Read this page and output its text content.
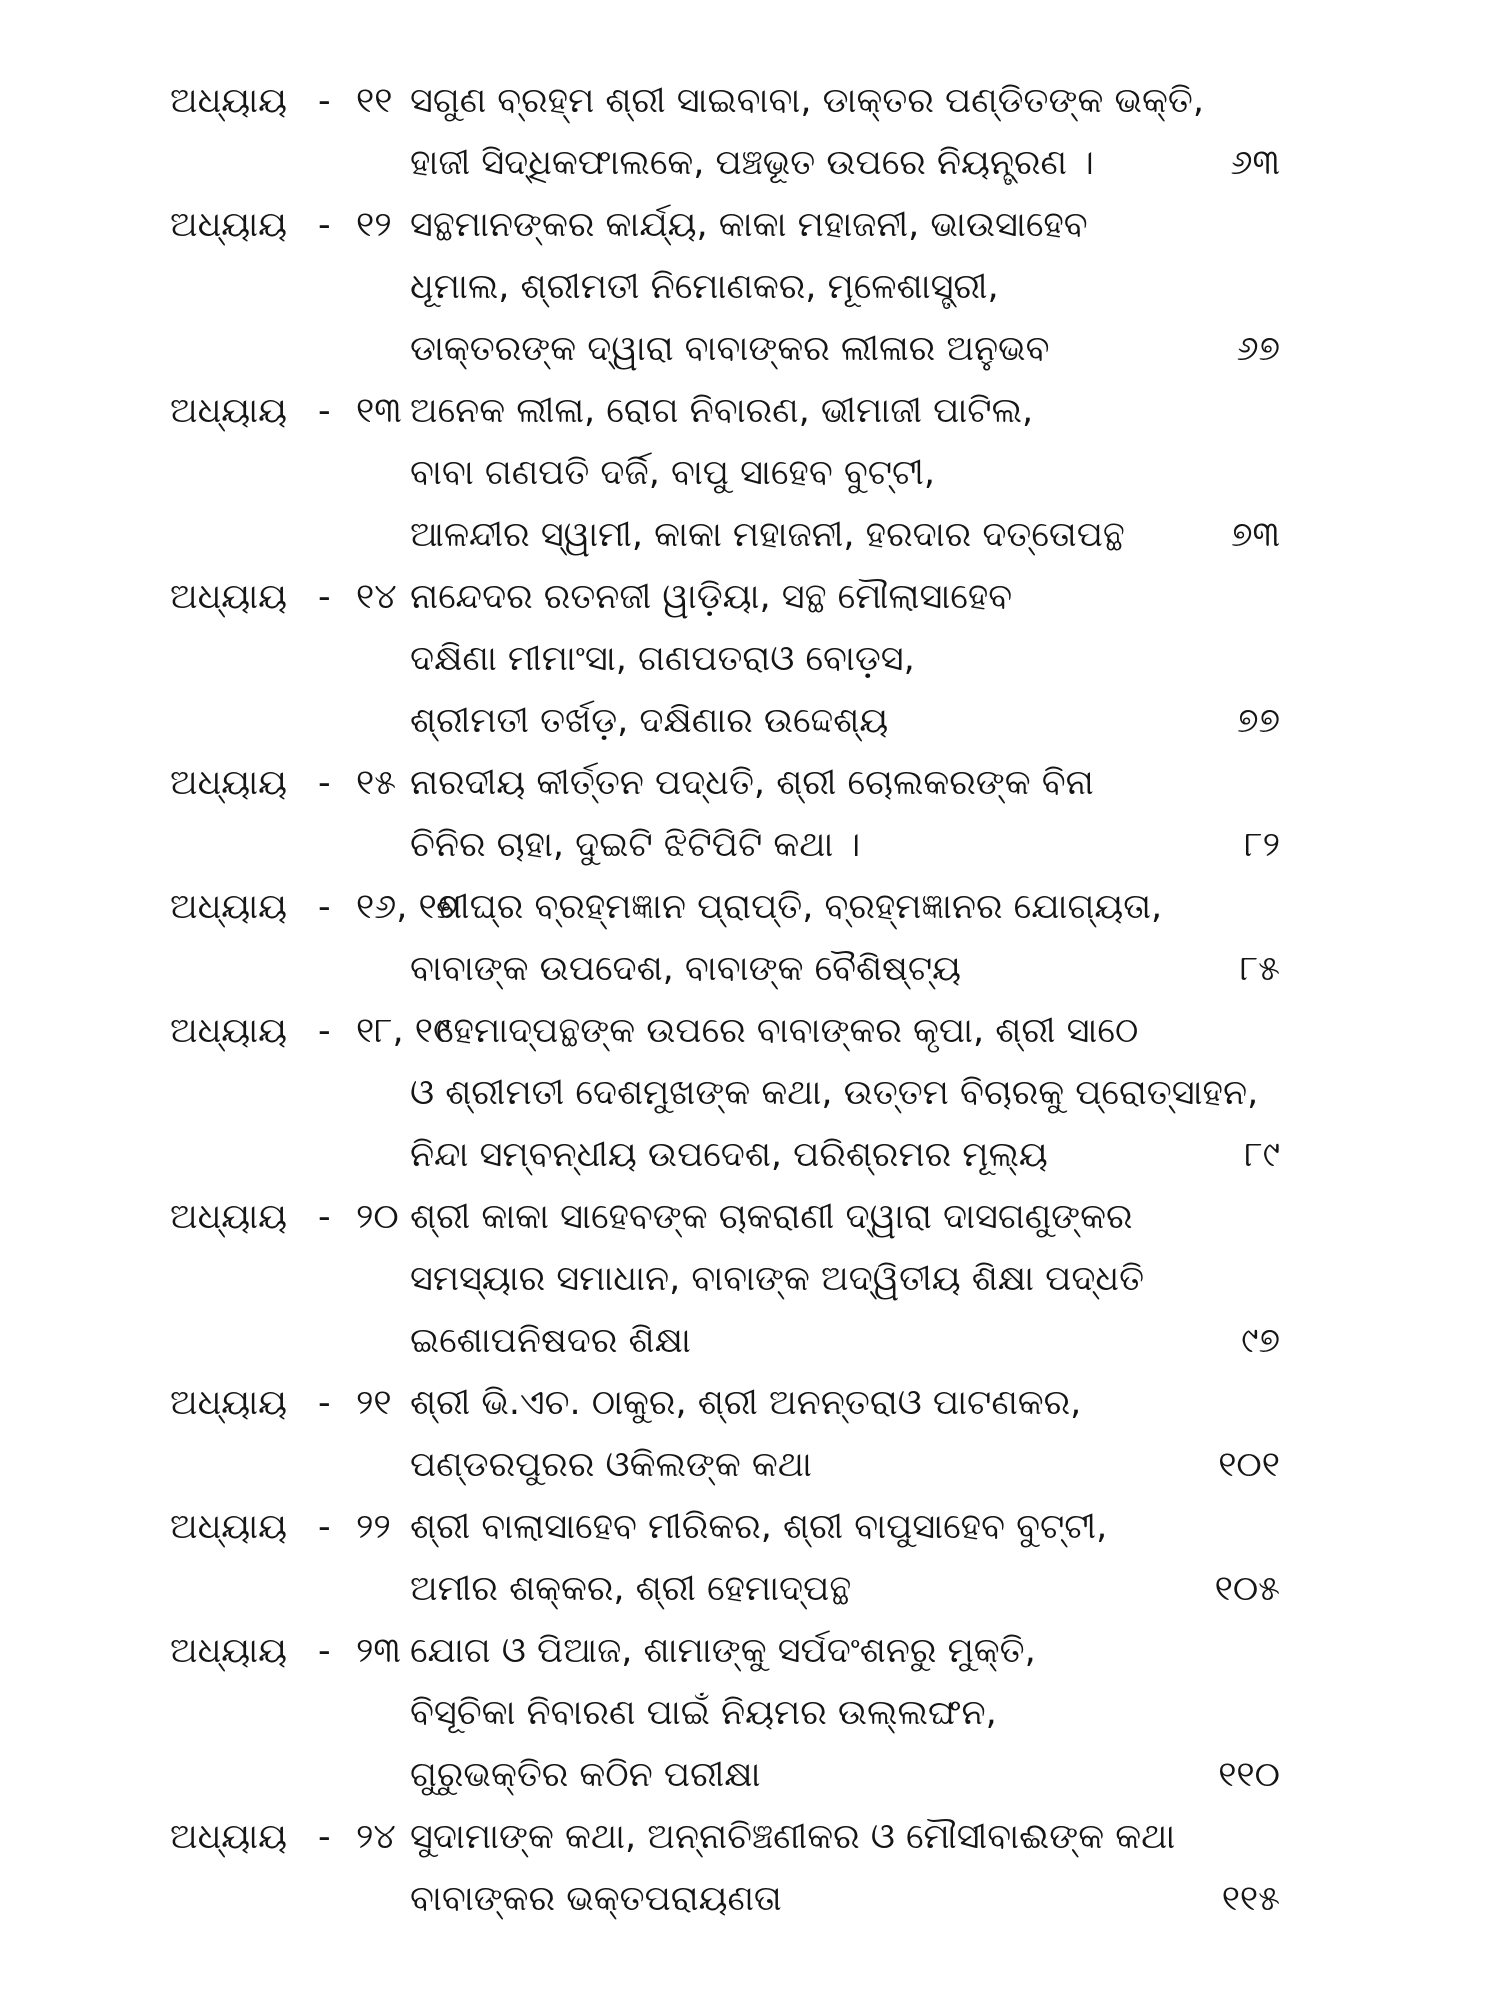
ଅଧ୍ୟାୟ - ୧୧ ସଗୁଣ ବ୍ରହ୍ମ ଶ୍ରୀ ସାଇବାବା, ଡାକ୍ତର ପଣ୍ଡିତଙ୍କ ଭକ୍ତି,
ହାଜୀ ସିଦ୍ଧିକଫାଲକେ, ପଞ୍ଚଭୂତ ଉପରେ ନିୟନ୍ତ୍ରଣ ।	୬୩
ଅଧ୍ୟାୟ - ୧୨ ସନ୍ଥମାନଙ୍କର କାର୍ଯ୍ୟ, କାକା ମହାଜନୀ, ଭାଉସାହେବ
ଧୂମାଲ, ଶ୍ରୀମତୀ ନିମୋଣକର, ମୂଳେଶାସ୍ତ୍ରୀ,
ଡାକ୍ତରଙ୍କ ଦ୍ୱାରା ବାବାଙ୍କର ଲୀଳାର ଅନୁଭବ	୬୭
ଅଧ୍ୟାୟ - ୧୩ ଅନେକ ଲୀଳା, ରୋଗ ନିବାରଣ, ଭୀମାଜୀ ପାଟିଲ,
ବାବା ଗଣପତି ଦର୍ଜି, ବାପୁ ସାହେବ ବୁଟ୍ଟୀ,
ଆଳନ୍ଦୀର ସ୍ୱାମୀ, କାକା ମହାଜନୀ, ହରଦାର ଦତ୍ତୋପନ୍ଥ	୭୩
ଅଧ୍ୟାୟ - ୧୪ ନାନ୍ଦେଦର ରତନଜୀ ୱାଡ଼ିୟା, ସନ୍ଥ ମୌଲାସାହେବ
ଦକ୍ଷିଣା ମୀମାଂସା, ଗଣପତରାଓ ବୋଡ଼ସ,
ଶ୍ରୀମତୀ ତର୍ଖଡ଼, ଦକ୍ଷିଣାର ଉଦ୍ଦେଶ୍ୟ	୭୭
ଅଧ୍ୟାୟ - ୧୫ ନାରଦୀୟ କୀର୍ତ୍ତନ ପଦ୍ଧତି, ଶ୍ରୀ ଚୋଲକରଙ୍କ ବିନା
ଚିନିର ଚାହା, ଦୁଇଟି ଝିଟିପିଟି କଥା ।	୮୨
ଅଧ୍ୟାୟ - ୧୬, ୧୭
ଶୀଘ୍ର ବ୍ରହ୍ମଜ୍ଞାନ ପ୍ରାପ୍ତି, ବ୍ରହ୍ମଜ୍ଞାନର ଯୋଗ୍ୟତା,
ବାବାଙ୍କ ଉପଦେଶ, ବାବାଙ୍କ ବୈଶିଷ୍ଟ୍ୟ	୮୫
ଅଧ୍ୟାୟ - ୧୮, ୧୯
ହେମାଦ୍‌ପନ୍ଥଙ୍କ ଉପରେ ବାବାଙ୍କର କୃପା, ଶ୍ରୀ ସାଠେ
ଓ ଶ୍ରୀମତୀ ଦେଶମୁଖଙ୍କ କଥା, ଉତ୍ତମ ବିଚାରକୁ ପ୍ରୋତ୍ସାହନ,
ନିନ୍ଦା ସମ୍ବନ୍ଧୀୟ ଉପଦେଶ, ପରିଶ୍ରମର ମୂଲ୍ୟ	୮୯
ଅଧ୍ୟାୟ - ୨୦ ଶ୍ରୀ କାକା ସାହେବଙ୍କ ଚାକରାଣୀ ଦ୍ୱାରା ଦାସଗଣୁଙ୍କର
ସମସ୍ୟାର ସମାଧାନ, ବାବାଙ୍କ ଅଦ୍ୱିତୀୟ ଶିକ୍ଷା ପଦ୍ଧତି
ଇଶୋପନିଷଦର ଶିକ୍ଷା	୯୭
ଅଧ୍ୟାୟ - ୨୧ ଶ୍ରୀ ଭି.ଏଚ. ଠାକୁର, ଶ୍ରୀ ଅନନ୍ତରାଓ ପାଟଣକର,
ପଣ୍ଡରପୁରର ଓକିଲଙ୍କ କଥା	୧୦୧
ଅଧ୍ୟାୟ - ୨୨ ଶ୍ରୀ ବାଲାସାହେବ ମୀରିକର, ଶ୍ରୀ ବାପୁସାହେବ ବୁଟ୍ଟୀ,
ଅମୀର ଶକ୍କର, ଶ୍ରୀ ହେମାଦ୍‌ପନ୍ଥ	୧୦୫
ଅଧ୍ୟାୟ - ୨୩ ଯୋଗ ଓ ପିଆଜ, ଶାମାଙ୍କୁ ସର୍ପଦଂଶନରୁ ମୁକ୍ତି,
ବିସୂଚିକା ନିବାରଣ ପାଇଁ ନିୟମର ଉଲ୍ଲଙ୍ଘନ,
ଗୁରୁଭକ୍ତିର କଠିନ ପରୀକ୍ଷା	୧୧୦
ଅଧ୍ୟାୟ - ୨୪ ସୁଦାମାଙ୍କ କଥା, ଅନ୍ନାଚିଞ୍ଚଣୀକର ଓ ମୌସୀବାଈଙ୍କ କଥା
ବାବାଙ୍କର ଭକ୍ତପରାୟଣତା	୧୧୫
